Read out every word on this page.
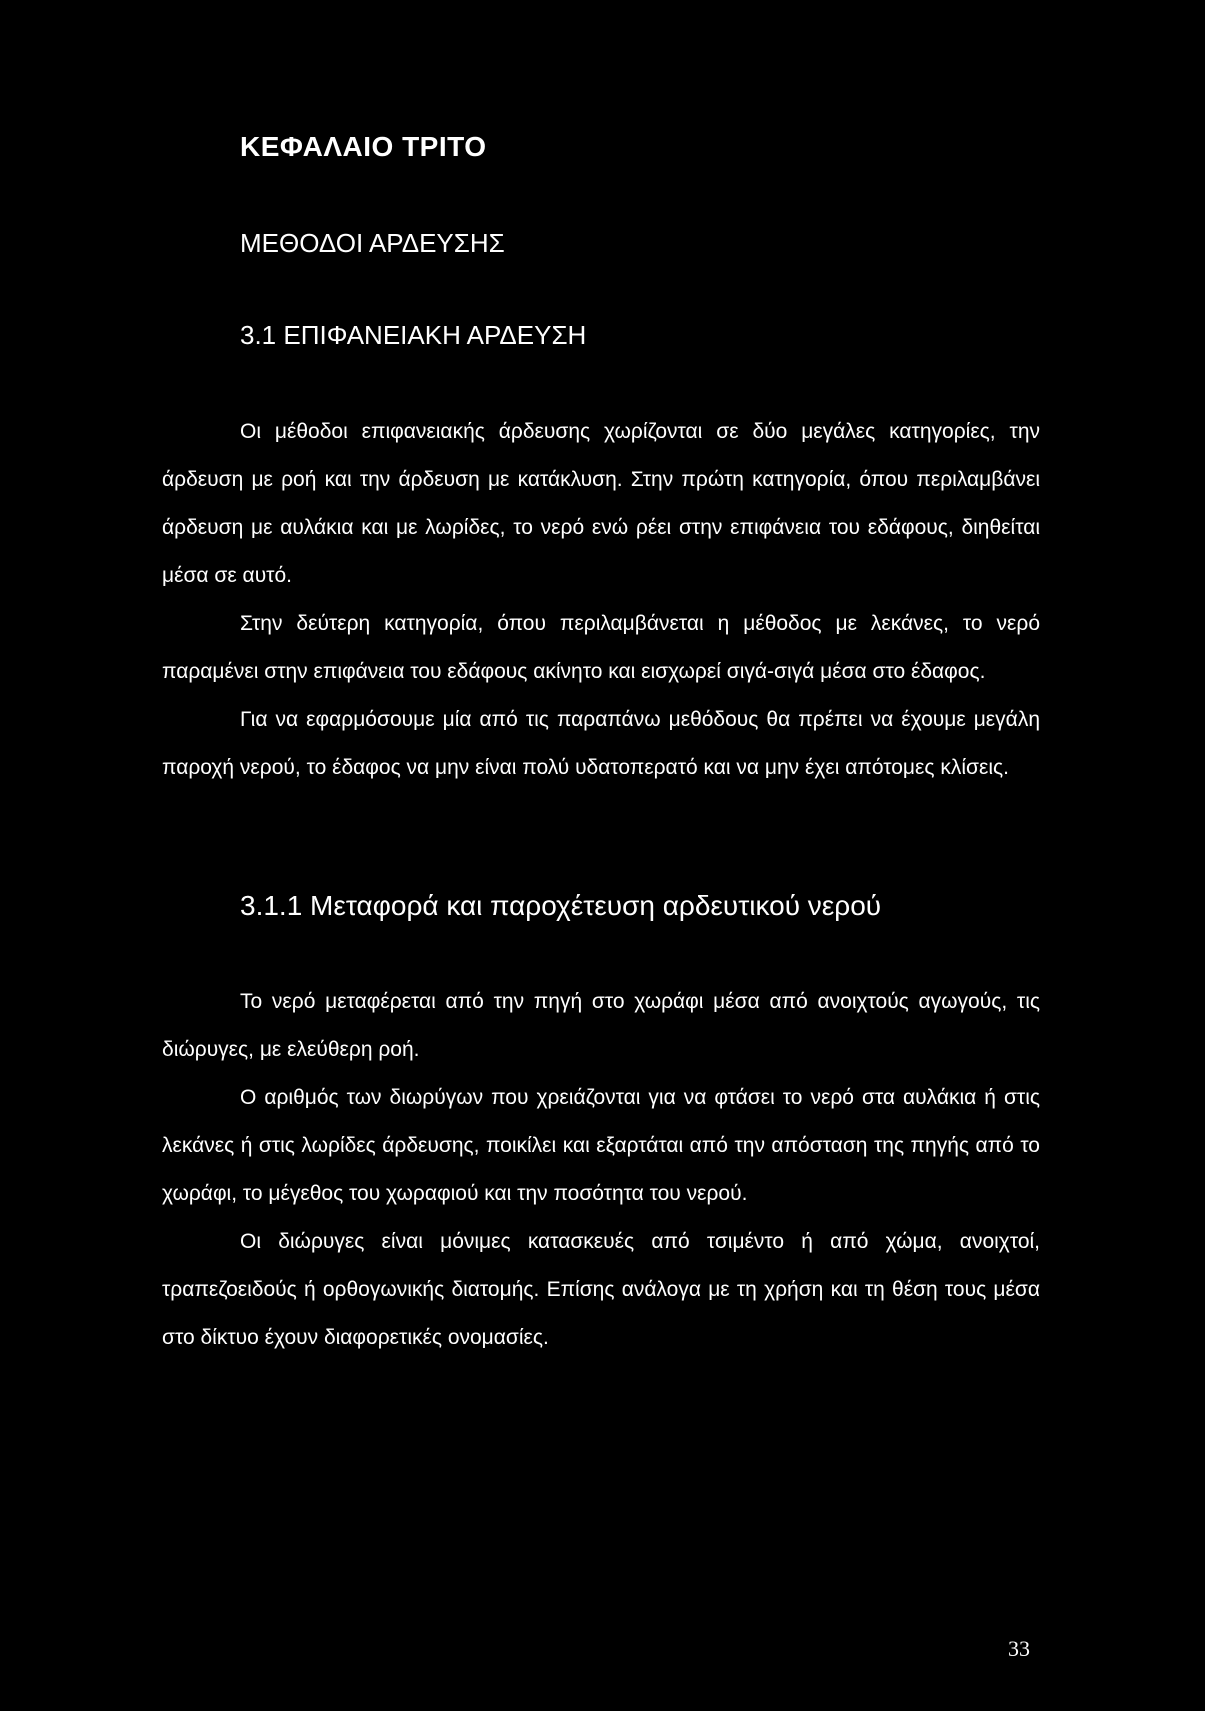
ΚΕΦΑΛΑΙΟ ΤΡΙΤΟ
ΜΕΘΟΔΟΙ ΑΡΔΕΥΣΗΣ
3.1 ΕΠΙΦΑΝΕΙΑΚΗ ΑΡΔΕΥΣΗ
Οι μέθοδοι επιφανειακής άρδευσης χωρίζονται σε δύο μεγάλες κατηγορίες, την άρδευση με ροή και την άρδευση με κατάκλυση. Στην πρώτη κατηγορία, όπου περιλαμβάνει άρδευση με αυλάκια και με λωρίδες, το νερό ενώ ρέει στην επιφάνεια του εδάφους, διηθείται μέσα σε αυτό.
Στην δεύτερη κατηγορία, όπου περιλαμβάνεται η μέθοδος με λεκάνες, το νερό παραμένει στην επιφάνεια του εδάφους ακίνητο και εισχωρεί σιγά-σιγά μέσα στο έδαφος.
Για να εφαρμόσουμε μία από τις παραπάνω μεθόδους θα πρέπει να έχουμε μεγάλη παροχή νερού, το έδαφος να μην είναι πολύ υδατοπερατό και να μην έχει απότομες κλίσεις.
3.1.1 Μεταφορά και παροχέτευση αρδευτικού νερού
Το νερό μεταφέρεται από την πηγή στο χωράφι μέσα από ανοιχτούς αγωγούς, τις διώρυγες, με ελεύθερη ροή.
Ο αριθμός των διωρύγων που χρειάζονται για να φτάσει το νερό στα αυλάκια ή στις λεκάνες ή στις λωρίδες άρδευσης, ποικίλει και εξαρτάται από την απόσταση της πηγής από το χωράφι, το μέγεθος του χωραφιού και την ποσότητα του νερού.
Οι διώρυγες είναι μόνιμες κατασκευές από τσιμέντο ή από χώμα, ανοιχτοί, τραπεζοειδούς ή ορθογωνικής διατομής. Επίσης ανάλογα με τη χρήση και τη θέση τους μέσα στο δίκτυο έχουν διαφορετικές ονομασίες.
33
